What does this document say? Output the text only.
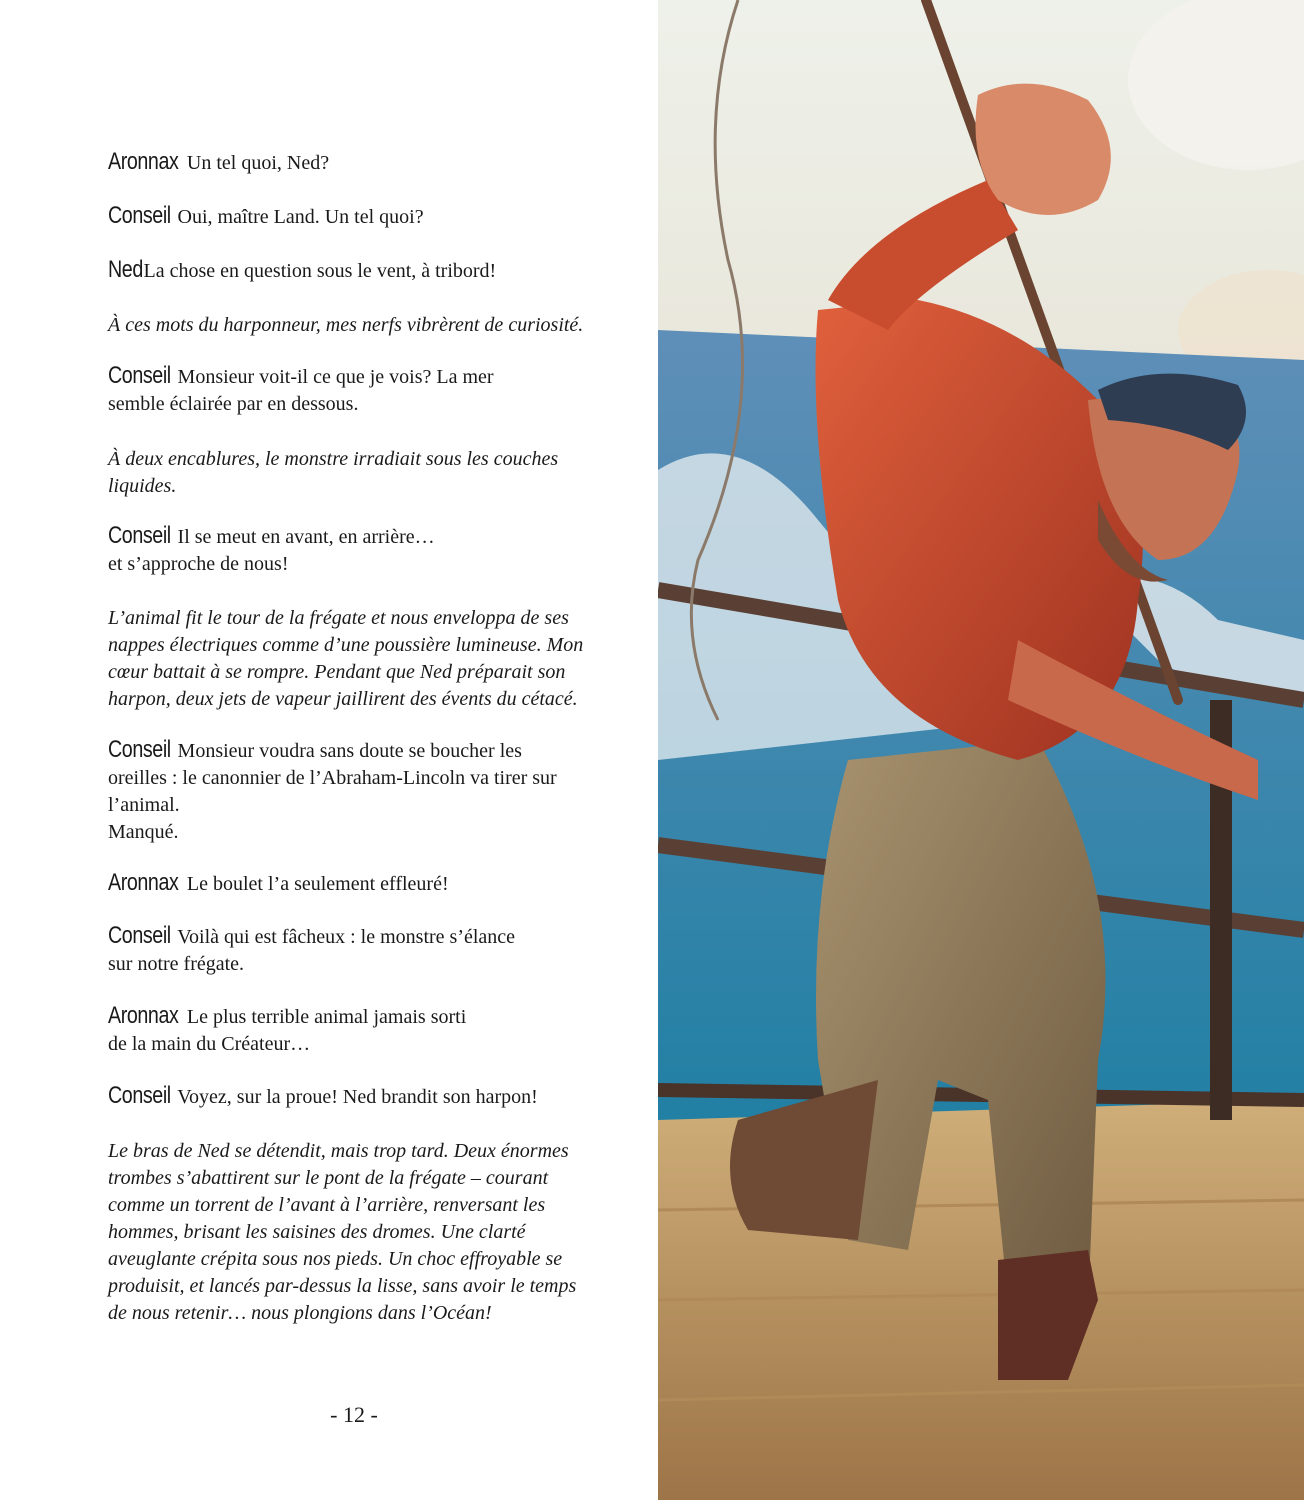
Aronnax Un tel quoi, Ned?
Conseil Oui, maître Land. Un tel quoi?
Ned La chose en question sous le vent, à tribord!
À ces mots du harponneur, mes nerfs vibrèrent de curiosité.
Conseil Monsieur voit-il ce que je vois? La mer
semble éclairée par en dessous.
À deux encablures, le monstre irradiait sous les couches
liquides.
Conseil Il se meut en avant, en arrière…
et s’approche de nous!
L’animal fit le tour de la frégate et nous enveloppa de ses
nappes électriques comme d’une poussière lumineuse. Mon
cœur battait à se rompre. Pendant que Ned préparait son
harpon, deux jets de vapeur jaillirent des évents du cétacé.
Conseil Monsieur voudra sans doute se boucher les
oreilles : le canonnier de l’Abraham-Lincoln va tirer sur
l’animal.
Manqué.
Aronnax Le boulet l’a seulement effleuré!
Conseil Voilà qui est fâcheux : le monstre s’élance
sur notre frégate.
Aronnax Le plus terrible animal jamais sorti
de la main du Créateur…
Conseil Voyez, sur la proue! Ned brandit son harpon!
Le bras de Ned se détendit, mais trop tard. Deux énormes
trombes s’abattirent sur le pont de la frégate – courant
comme un torrent de l’avant à l’arrière, renversant les
hommes, brisant les saisines des dromes. Une clarté
aveuglante crépita sous nos pieds. Un choc effroyable se
produisit, et lancés par-dessus la lisse, sans avoir le temps
de nous retenir… nous plongions dans l’Océan!
- 12 -
